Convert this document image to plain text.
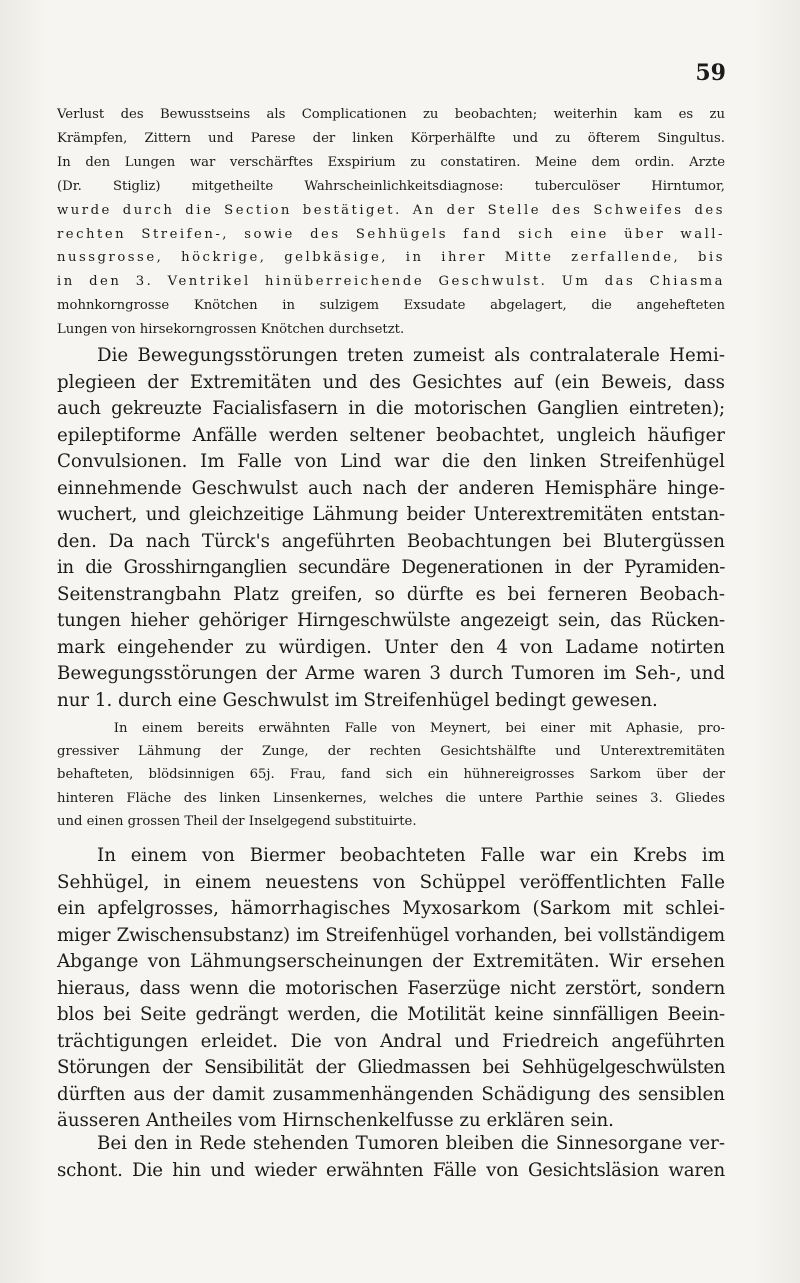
59

Verlust des Bewusstseins als Complicationen zu beobachten; weiterhin kam es zu

Krämpfen, Zittern und Parese der linken Körperhälfte und zu öfterem Singultus.

In den Lungen war verschärftes Exspirium zu constatiren. Meine dem ordin. Arzte

(Dr. Stigliz) mitgetheilte Wahrscheinlichkeitsdiagnose: tuberculöser Hirntumor,

wurde durch die Section bestätiget. An der Stelle des Schweifes des

rechten Streifen-, sowie des Sehhügels fand sich eine über wall-

nussgrosse, höckrige, gelbkäsige, in ihrer Mitte zerfallende, bis

in den 3. Ventrikel hinüberreichende Geschwulst. Um das Chiasma

mohnkorngrosse Knötchen in sulzigem Exsudate abgelagert, die angehefteten

Lungen von hirsekorngrossen Knötchen durchsetzt.

Die Bewegungsstörungen treten zumeist als contralaterale Hemi-

plegieen der Extremitäten und des Gesichtes auf (ein Beweis, dass

auch gekreuzte Facialisfasern in die motorischen Ganglien eintreten);

epileptiforme Anfälle werden seltener beobachtet, ungleich häufiger

Convulsionen. Im Falle von Lind war die den linken Streifenhügel

einnehmende Geschwulst auch nach der anderen Hemisphäre hinge-

wuchert, und gleichzeitige Lähmung beider Unterextremitäten entstan-

den. Da nach Türck's angeführten Beobachtungen bei Blutergüssen

in die Grosshirnganglien secundäre Degenerationen in der Pyramiden-

Seitenstrangbahn Platz greifen, so dürfte es bei ferneren Beobach-

tungen hieher gehöriger Hirngeschwülste angezeigt sein, das Rücken-

mark eingehender zu würdigen. Unter den 4 von Ladame notirten

Bewegungsstörungen der Arme waren 3 durch Tumoren im Seh-, und

nur 1. durch eine Geschwulst im Streifenhügel bedingt gewesen.

In einem bereits erwähnten Falle von Meynert, bei einer mit Aphasie, pro-

gressiver Lähmung der Zunge, der rechten Gesichtshälfte und Unterextremitäten

behafteten, blödsinnigen 65j. Frau, fand sich ein hühnereigrosses Sarkom über der

hinteren Fläche des linken Linsenkernes, welches die untere Parthie seines 3. Gliedes

und einen grossen Theil der Inselgegend substituirte.

In einem von Biermer beobachteten Falle war ein Krebs im

Sehhügel, in einem neuestens von Schüppel veröffentlichten Falle

ein apfelgrosses, hämorrhagisches Myxosarkom (Sarkom mit schlei-

miger Zwischensubstanz) im Streifenhügel vorhanden, bei vollständigem

Abgange von Lähmungserscheinungen der Extremitäten. Wir ersehen

hieraus, dass wenn die motorischen Faserzüge nicht zerstört, sondern

blos bei Seite gedrängt werden, die Motilität keine sinnfälligen Beein-

trächtigungen erleidet. Die von Andral und Friedreich angeführten

Störungen der Sensibilität der Gliedmassen bei Sehhügelgeschwülsten

dürften aus der damit zusammenhängenden Schädigung des sensiblen

äusseren Antheiles vom Hirnschenkelfusse zu erklären sein.

Bei den in Rede stehenden Tumoren bleiben die Sinnesorgane ver-

schont. Die hin und wieder erwähnten Fälle von Gesichtsläsion waren
